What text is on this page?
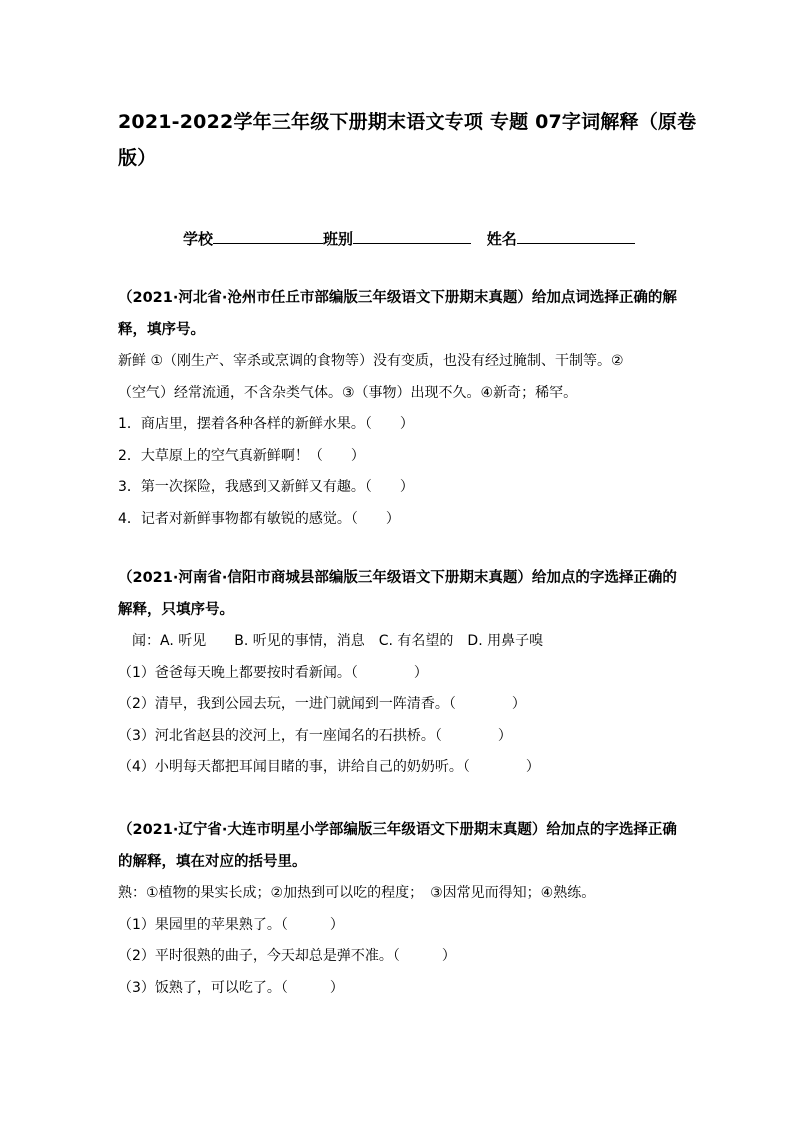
2021-2022学年三年级下册期末语文专项 专题 07字词解释（原卷版）
学校	班别	姓名
（2021·河北省·沧州市任丘市部编版三年级语文下册期末真题）给加点词选择正确的解释，填序号。
新鲜 ①（刚生产、宰杀或烹调的食物等）没有变质，也没有经过腌制、干制等。②
（空气）经常流通，不含杂类气体。③（事物）出现不久。④新奇；稀罕。
1．商店里，摆着各种各样的新鲜水果。（　　）
2．大草原上的空气真新鲜啊！（　　）
3．第一次探险，我感到又新鲜又有趣。（　　）
4．记者对新鲜事物都有敏锐的感觉。（　　）
（2021·河南省·信阳市商城县部编版三年级语文下册期末真题）给加点的字选择正确的解释，只填序号。
　闻：A. 听见　　B. 听见的事情，消息　C. 有名望的　D. 用鼻子嗅
（1）爸爸每天晚上都要按时看新闻。（　　　　）
（2）清早，我到公园去玩，一进门就闻到一阵清香。（　　　　）
（3）河北省赵县的洨河上，有一座闻名的石拱桥。（　　　　）
（4）小明每天都把耳闻目睹的事，讲给自己的奶奶听。（　　　　）
（2021·辽宁省·大连市明星小学部编版三年级语文下册期末真题）给加点的字选择正确的解释，填在对应的括号里。
熟：①植物的果实长成；②加热到可以吃的程度；　③因常见而得知；④熟练。
（1）果园里的苹果熟了。（　　　）
（2）平时很熟的曲子，今天却总是弹不准。（　　　）
（3）饭熟了，可以吃了。（　　　）
